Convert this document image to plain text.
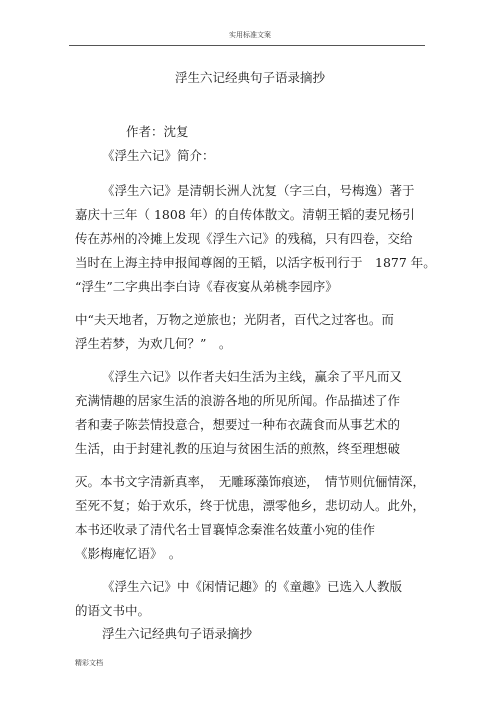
实用标准文案
浮生六记经典句子语录摘抄
作者：沈复
《浮生六记》简介：
《浮生六记》是清朝长洲人沈复（字三白，号梅逸）著于
嘉庆十三年（ 1808 年）的自传体散文。清朝王韬的妻兄杨引
传在苏州的冷摊上发现《浮生六记》的残稿，只有四卷，交给
当时在上海主持申报闻尊阁的王韬，以活字板刊行于　1877 年。
“浮生”二字典出李白诗《春夜宴从弟桃李园序》
中“夫天地者，万物之逆旅也；光阴者，百代之过客也。而
浮生若梦，为欢几何？”　。
《浮生六记》以作者夫妇生活为主线，赢余了平凡而又
充满情趣的居家生活的浪游各地的所见所闻。作品描述了作
者和妻子陈芸情投意合，想要过一种布衣蔬食而从事艺术的
生活，由于封建礼教的压迫与贫困生活的煎熬，终至理想破
灭。本书文字清新真率，　无雕琢藻饰痕迹，　情节则伉俪情深，
至死不复；始于欢乐，终于忧患，漂零他乡，悲切动人。此外，
本书还收录了清代名士冒襄悼念秦淮名妓董小宛的佳作
《影梅庵忆语》　。
《浮生六记》中《闲情记趣》的《童趣》已选入人教版
的语文书中。
浮生六记经典句子语录摘抄
精彩文档
